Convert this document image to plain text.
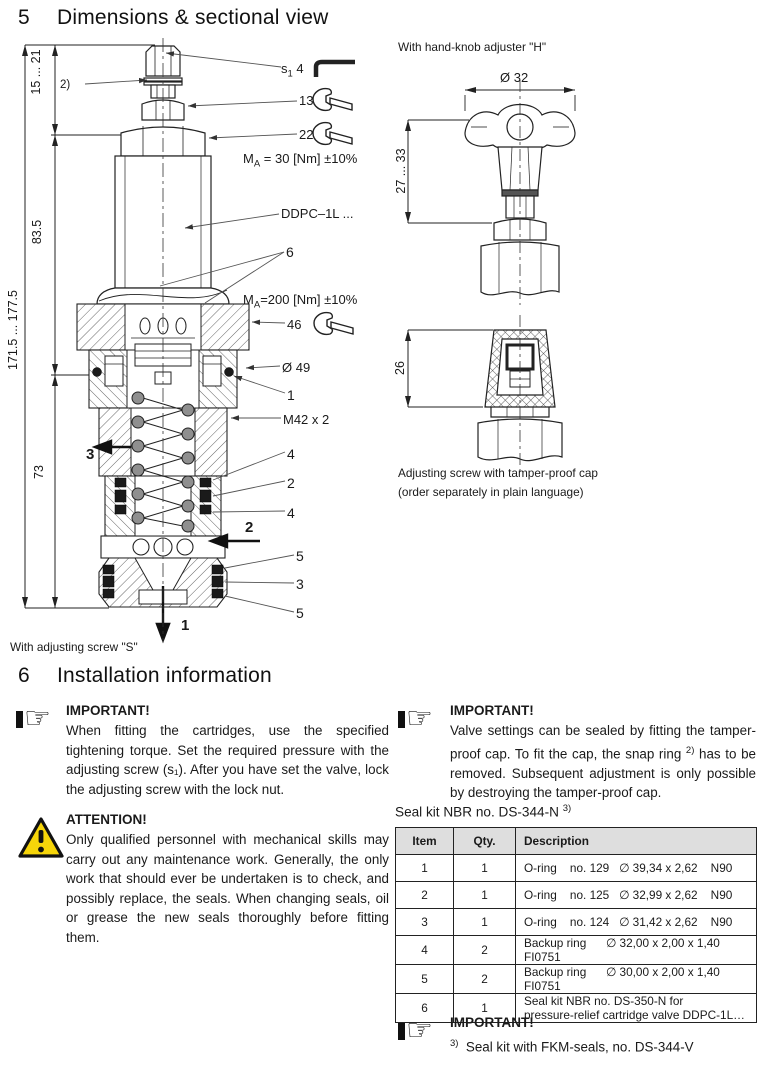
5 Dimensions & sectional view
15 ... 21
83.5
171.5 ... 177.5
73
2)
$s_1$ 4
13
22
$M_A = 30$ [Nm] ±10%
DDPC–1L ...
6
$M_A=200$ [Nm] ±10%
46
Ø 49
1
M42 x 2
4
2
4
2
5
3
5
1
3
With adjusting screw "S"
With hand-knob adjuster "H"
Ø 32
27 ... 33
26
Adjusting screw with tamper-proof cap
(order separately in plain language)
6 Installation information
☞ IMPORTANT!
When fitting the cartridges, use the specified tightening torque. Set the required pressure with the adjusting screw (s₁). After you have set the valve, lock the adjusting screw with the lock nut.
ATTENTION!
Only qualified personnel with mechanical skills may carry out any maintenance work. Generally, the only work that should ever be undertaken is to check, and possibly replace, the seals. When changing seals, oil or grease the new seals thoroughly before fitting them.
☞ IMPORTANT!
Valve settings can be sealed by fitting the tamper-proof cap. To fit the cap, the snap ring $^{2)}$ has to be removed. Subsequent adjustment is only possible by destroying the tamper-proof cap.
Seal kit NBR no. DS-344-N $^{3)}$
Item	Qty.	Description
1	1	O-ring    no. 129   ∅ 39,34 x 2,62    N90
2	1	O-ring    no. 125   ∅ 32,99 x 2,62    N90
3	1	O-ring    no. 124   ∅ 31,42 x 2,62    N90
4	2	Backup ring      ∅ 32,00 x 2,00 x 1,40 FI0751
5	2	Backup ring      ∅ 30,00 x 2,00 x 1,40 FI0751
6	1	Seal kit NBR no. DS-350-N for
pressure-relief cartridge valve DDPC-1L…
☞ IMPORTANT!
$^{3)}$  Seal kit with FKM-seals, no. DS-344-V
